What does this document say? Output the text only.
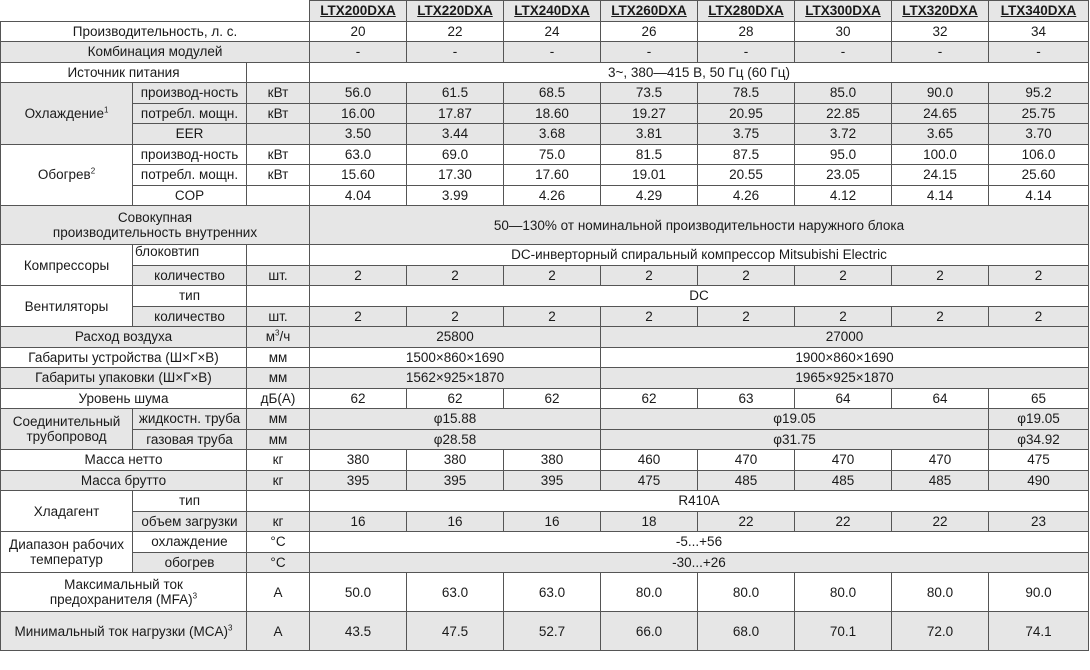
			LTX200DXA	LTX220DXA	LTX240DXA	LTX260DXA	LTX280DXA	LTX300DXA	LTX320DXA	LTX340DXA
Производительность, л. с.			20	22	24	26	28	30	32	34
Комбинация модулей			-	-	-	-	-	-	-	-
Источник питания			3~, 380—415 В, 50 Гц (60 Гц)							
Охлаждение$^1$	производ-ность	кВт	56.0	61.5	68.5	73.5	78.5	85.0	90.0	95.2
	потребл. мощн.	кВт	16.00	17.87	18.60	19.27	20.95	22.85	24.65	25.75
	EER		3.50	3.44	3.68	3.81	3.75	3.72	3.65	3.70
Обогрев$^2$	производ-ность	кВт	63.0	69.0	75.0	81.5	87.5	95.0	100.0	106.0
	потребл. мощн.	кВт	15.60	17.30	17.60	19.01	20.55	23.05	24.15	25.60
	COP		4.04	3.99	4.26	4.29	4.26	4.12	4.14	4.14
Совокупная
производительность внутренних			50—130% от номинальной производительности наружного блока							
Компрессоры	блоковтип		DC-инверторный спиральный компрессор Mitsubishi Electric							
	количество	шт.	2	2	2	2	2	2	2	2
Вентиляторы	тип		DC							
	количество	шт.	2	2	2	2	2	2	2	2
Расход воздуха		$м^3/ч$	25800			27000				
Габариты устройства (Ш×Г×В)		мм	1500×860×1690			1900×860×1690				
Габариты упаковки (Ш×Г×В)		мм	1562×925×1870			1965×925×1870				
Уровень шума		дБ(А)	62	62	62	62	63	64	64	65
Соединительный
трубопровод	жидкостн. труба	мм	φ15.88			φ19.05				φ19.05
	газовая труба	мм	φ28.58			φ31.75				φ34.92
Масса нетто		кг	380	380	380	460	470	470	470	475
Масса брутто		кг	395	395	395	475	485	485	485	490
Хладагент	тип		R410A							
	объем загрузки	кг	16	16	16	18	22	22	22	23
Диапазон рабочих
температур	охлаждение	°С	-5...+56							
	обогрев	°С	-30...+26							
Максимальный ток
предохранителя (MFA)$^3$		А	50.0	63.0	63.0	80.0	80.0	80.0	80.0	90.0
Минимальный ток нагрузки (MCA)$^3$		А	43.5	47.5	52.7	66.0	68.0	70.1	72.0	74.1
